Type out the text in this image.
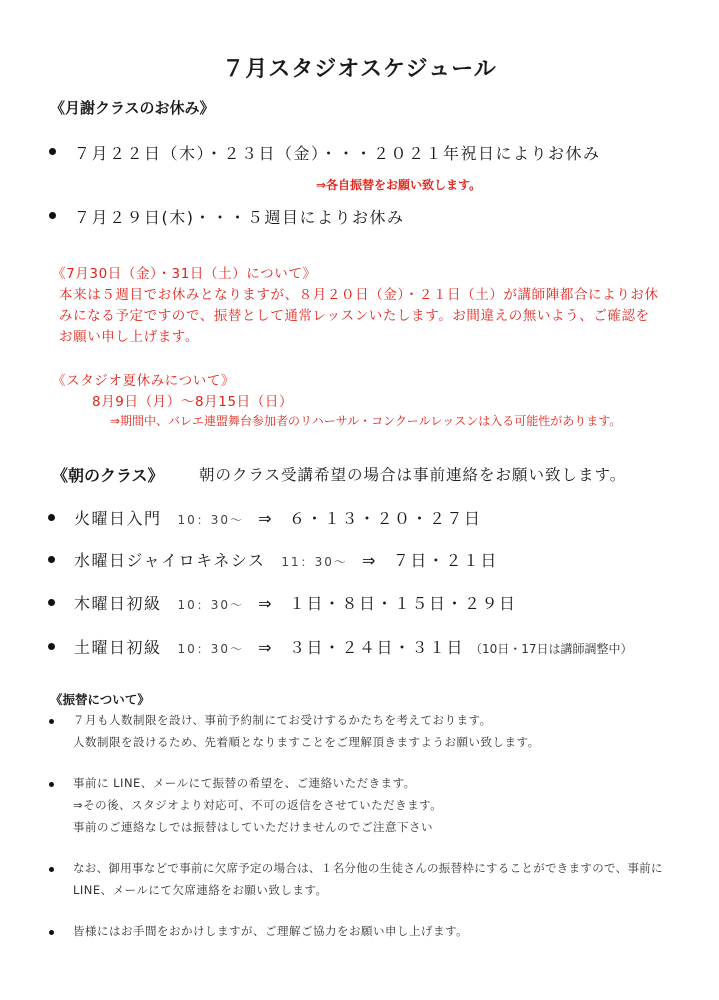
７月スタジオスケジュール
《月謝クラスのお休み》
７月２２日（木）・２３日（金）・・・２０２１年祝日によりお休み
⇒各自振替をお願い致します。
７月２９日(木)・・・５週目によりお休み
《7月30日（金）・31日（土）について》
本来は５週目でお休みとなりますが、８月２０日（金）・２１日（土）が講師陣都合によりお休
みになる予定ですので、振替として通常レッスンいたします。お間違えの無いよう、ご確認を
お願い申し上げます。
《スタジオ夏休みについて》
8月9日（月）～8月15日（日）
⇒期間中、バレエ連盟舞台参加者のリハーサル・コンクールレッスンは入る可能性があります。
《朝のクラス》 朝のクラス受講希望の場合は事前連絡をお願い致します。
火曜日入門 10：30～ ⇒ ６・１３・２０・２７日
水曜日ジャイロキネシス 11：30～ ⇒ ７日・２１日
木曜日初級 10：30～ ⇒ １日・８日・１５日・２９日
土曜日初級 10：30～ ⇒ ３日・２４日・３１日 （10日・17日は講師調整中）
《振替について》
７月も人数制限を設け、事前予約制にてお受けするかたちを考えております。
人数制限を設けるため、先着順となりますことをご理解頂きますようお願い致します。
事前に LINE、メールにて振替の希望を、ご連絡いただきます。
⇒その後、スタジオより対応可、不可の返信をさせていただきます。
事前のご連絡なしでは振替はしていただけませんのでご注意下さい
なお、御用事などで事前に欠席予定の場合は、１名分他の生徒さんの振替枠にすることができますので、事前に
LINE、メールにて欠席連絡をお願い致します。
皆様にはお手間をおかけしますが、ご理解ご協力をお願い申し上げます。
